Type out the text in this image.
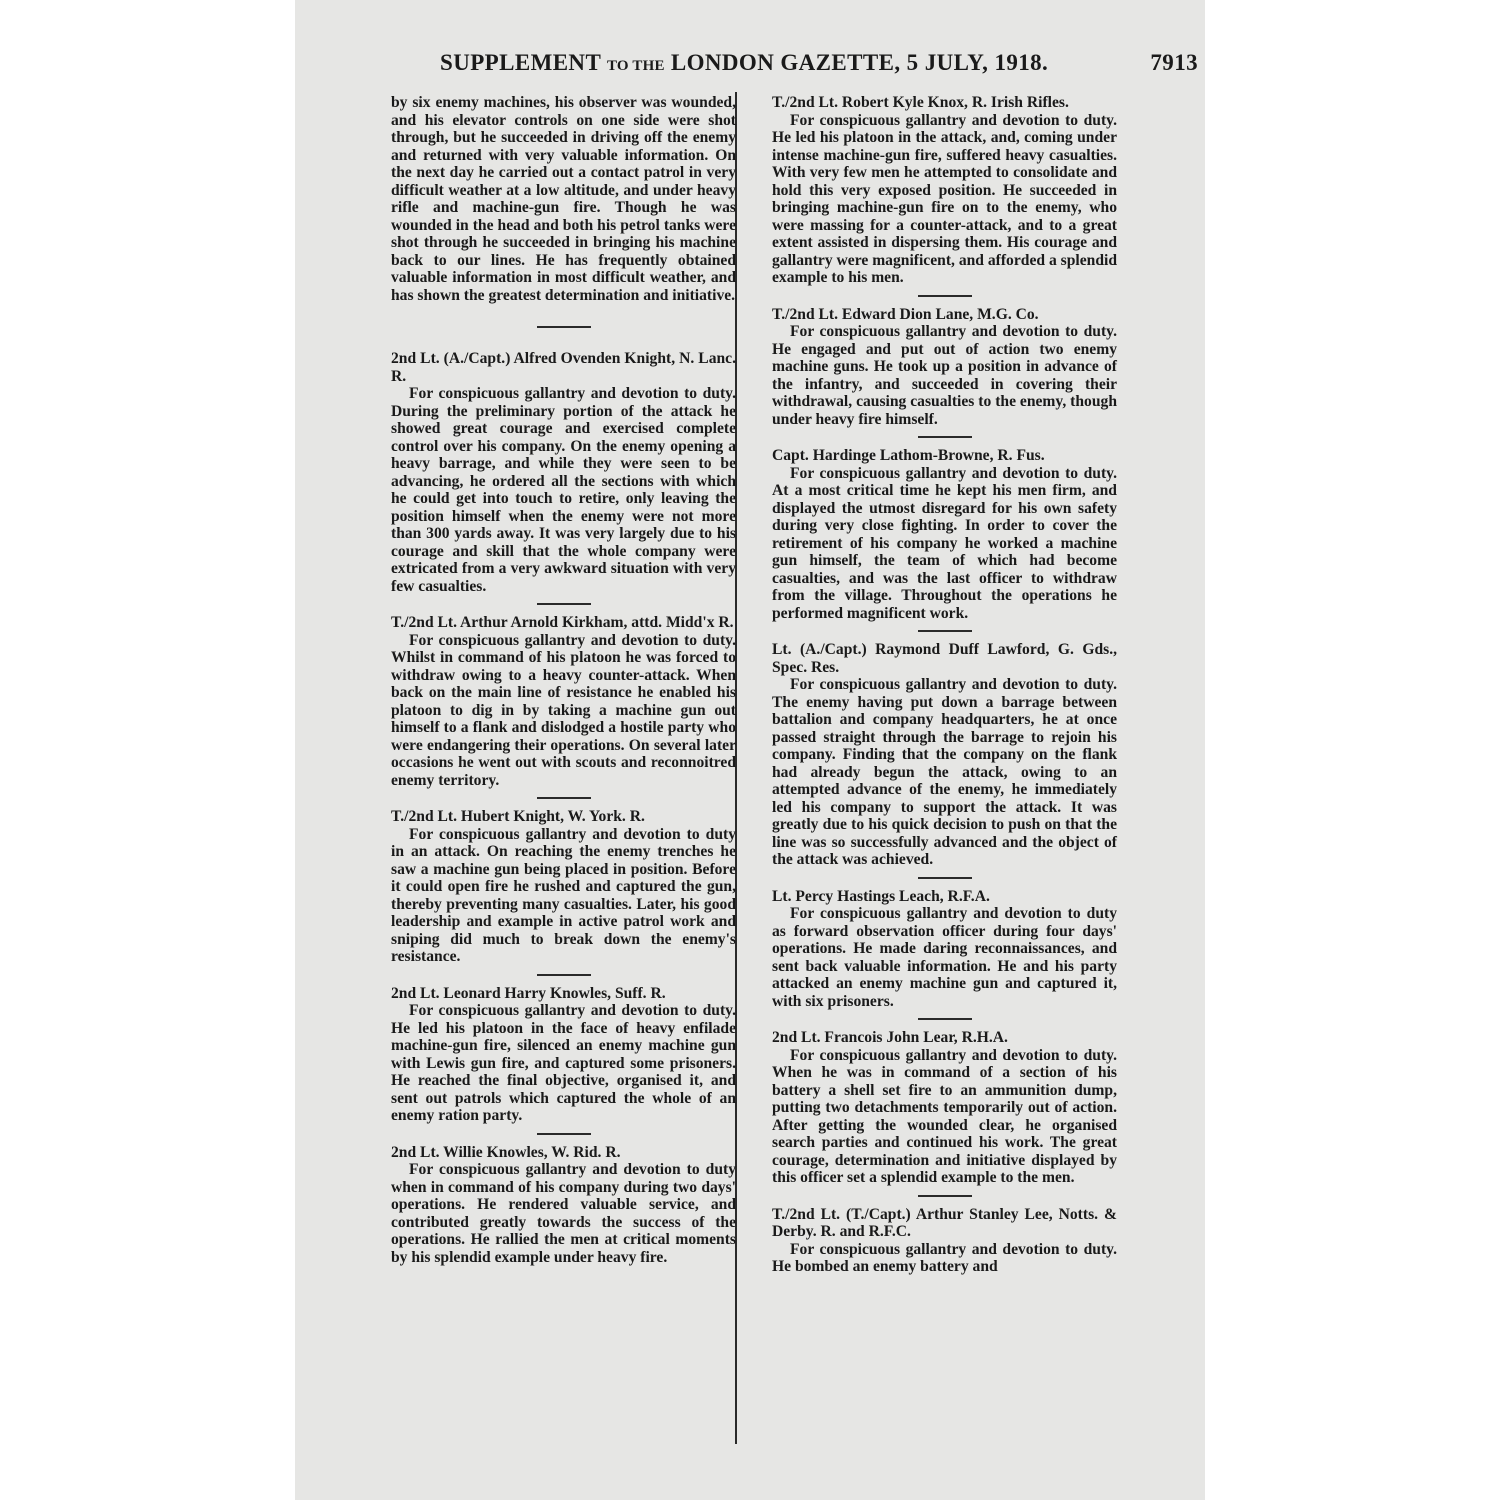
SUPPLEMENT TO THE LONDON GAZETTE, 5 JULY, 1918.	7913

by six enemy machines, his observer was wounded, and his elevator controls on one side were shot through, but he succeeded in driving off the enemy and returned with very valuable information. On the next day he carried out a contact patrol in very difficult weather at a low altitude, and under heavy rifle and machine-gun fire. Though he was wounded in the head and both his petrol tanks were shot through he succeeded in bringing his machine back to our lines. He has frequently obtained valuable information in most difficult weather, and has shown the greatest determination and initiative.

2nd Lt. (A./Capt.) Alfred Ovenden Knight, N. Lanc. R.

For conspicuous gallantry and devotion to duty. During the preliminary portion of the attack he showed great courage and exercised complete control over his company. On the enemy opening a heavy barrage, and while they were seen to be advancing, he ordered all the sections with which he could get into touch to retire, only leaving the position himself when the enemy were not more than 300 yards away. It was very largely due to his courage and skill that the whole company were extricated from a very awkward situation with very few casualties.

T./2nd Lt. Arthur Arnold Kirkham, attd. Midd'x R.

For conspicuous gallantry and devotion to duty. Whilst in command of his platoon he was forced to withdraw owing to a heavy counter-attack. When back on the main line of resistance he enabled his platoon to dig in by taking a machine gun out himself to a flank and dislodged a hostile party who were endangering their operations. On several later occasions he went out with scouts and reconnoitred enemy territory.

T./2nd Lt. Hubert Knight, W. York. R.

For conspicuous gallantry and devotion to duty in an attack. On reaching the enemy trenches he saw a machine gun being placed in position. Before it could open fire he rushed and captured the gun, thereby preventing many casualties. Later, his good leadership and example in active patrol work and sniping did much to break down the enemy's resistance.

2nd Lt. Leonard Harry Knowles, Suff. R.

For conspicuous gallantry and devotion to duty. He led his platoon in the face of heavy enfilade machine-gun fire, silenced an enemy machine gun with Lewis gun fire, and captured some prisoners. He reached the final objective, organised it, and sent out patrols which captured the whole of an enemy ration party.

2nd Lt. Willie Knowles, W. Rid. R.

For conspicuous gallantry and devotion to duty when in command of his company during two days' operations. He rendered valuable service, and contributed greatly towards the success of the operations. He rallied the men at critical moments by his splendid example under heavy fire.

T./2nd Lt. Robert Kyle Knox, R. Irish Rifles.

For conspicuous gallantry and devotion to duty. He led his platoon in the attack, and, coming under intense machine-gun fire, suffered heavy casualties. With very few men he attempted to consolidate and hold this very exposed position. He succeeded in bringing machine-gun fire on to the enemy, who were massing for a counter-attack, and to a great extent assisted in dispersing them. His courage and gallantry were magnificent, and afforded a splendid example to his men.

T./2nd Lt. Edward Dion Lane, M.G. Co.

For conspicuous gallantry and devotion to duty. He engaged and put out of action two enemy machine guns. He took up a position in advance of the infantry, and succeeded in covering their withdrawal, causing casualties to the enemy, though under heavy fire himself.

Capt. Hardinge Lathom-Browne, R. Fus.

For conspicuous gallantry and devotion to duty. At a most critical time he kept his men firm, and displayed the utmost disregard for his own safety during very close fighting. In order to cover the retirement of his company he worked a machine gun himself, the team of which had become casualties, and was the last officer to withdraw from the village. Throughout the operations he performed magnificent work.

Lt. (A./Capt.) Raymond Duff Lawford, G. Gds., Spec. Res.

For conspicuous gallantry and devotion to duty. The enemy having put down a barrage between battalion and company headquarters, he at once passed straight through the barrage to rejoin his company. Finding that the company on the flank had already begun the attack, owing to an attempted advance of the enemy, he immediately led his company to support the attack. It was greatly due to his quick decision to push on that the line was so successfully advanced and the object of the attack was achieved.

Lt. Percy Hastings Leach, R.F.A.

For conspicuous gallantry and devotion to duty as forward observation officer during four days' operations. He made daring reconnaissances, and sent back valuable information. He and his party attacked an enemy machine gun and captured it, with six prisoners.

2nd Lt. Francois John Lear, R.H.A.

For conspicuous gallantry and devotion to duty. When he was in command of a section of his battery a shell set fire to an ammunition dump, putting two detachments temporarily out of action. After getting the wounded clear, he organised search parties and continued his work. The great courage, determination and initiative displayed by this officer set a splendid example to the men.

T./2nd Lt. (T./Capt.) Arthur Stanley Lee, Notts. & Derby. R. and R.F.C.

For conspicuous gallantry and devotion to duty. He bombed an enemy battery and
